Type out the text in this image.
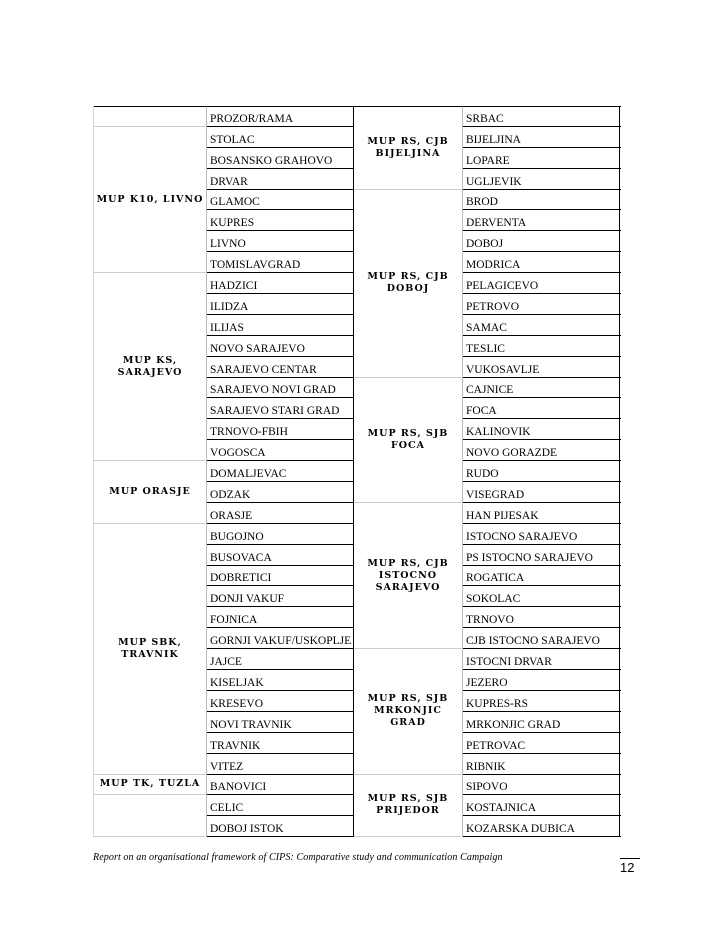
MUP K10, LIVNO
MUP KS, SARAJEVO
MUP ORASJE
MUP SBK, TRAVNIK
MUP TK, TUZLA
PROZOR/RAMA
STOLAC
BOSANSKO GRAHOVO
DRVAR
GLAMOC
KUPRES
LIVNO
TOMISLAVGRAD
HADZICI
ILIDZA
ILIJAS
NOVO SARAJEVO
SARAJEVO CENTAR
SARAJEVO NOVI GRAD
SARAJEVO STARI GRAD
TRNOVO-FBIH
VOGOSCA
DOMALJEVAC
ODZAK
ORASJE
BUGOJNO
BUSOVACA
DOBRETICI
DONJI VAKUF
FOJNICA
GORNJI VAKUF/USKOPLJE
JAJCE
KISELJAK
KRESEVO
NOVI TRAVNIK
TRAVNIK
VITEZ
BANOVICI
CELIC
DOBOJ ISTOK
MUP RS, CJB BIJELJINA
MUP RS, CJB DOBOJ
MUP RS, SJB FOCA
MUP RS, CJB ISTOCNO SARAJEVO
MUP RS, SJB MRKONJIC GRAD
MUP RS, SJB PRIJEDOR
SRBAC
BIJELJINA
LOPARE
UGLJEVIK
BROD
DERVENTA
DOBOJ
MODRICA
PELAGICEVO
PETROVO
SAMAC
TESLIC
VUKOSAVLJE
CAJNICE
FOCA
KALINOVIK
NOVO GORAZDE
RUDO
VISEGRAD
HAN PIJESAK
ISTOCNO SARAJEVO
PS ISTOCNO SARAJEVO
ROGATICA
SOKOLAC
TRNOVO
CJB ISTOCNO SARAJEVO
ISTOCNI DRVAR
JEZERO
KUPRES-RS
MRKONJIC GRAD
PETROVAC
RIBNIK
SIPOVO
KOSTAJNICA
KOZARSKA DUBICA
Report on an organisational framework of CIPS: Comparative study and communication Campaign
12
